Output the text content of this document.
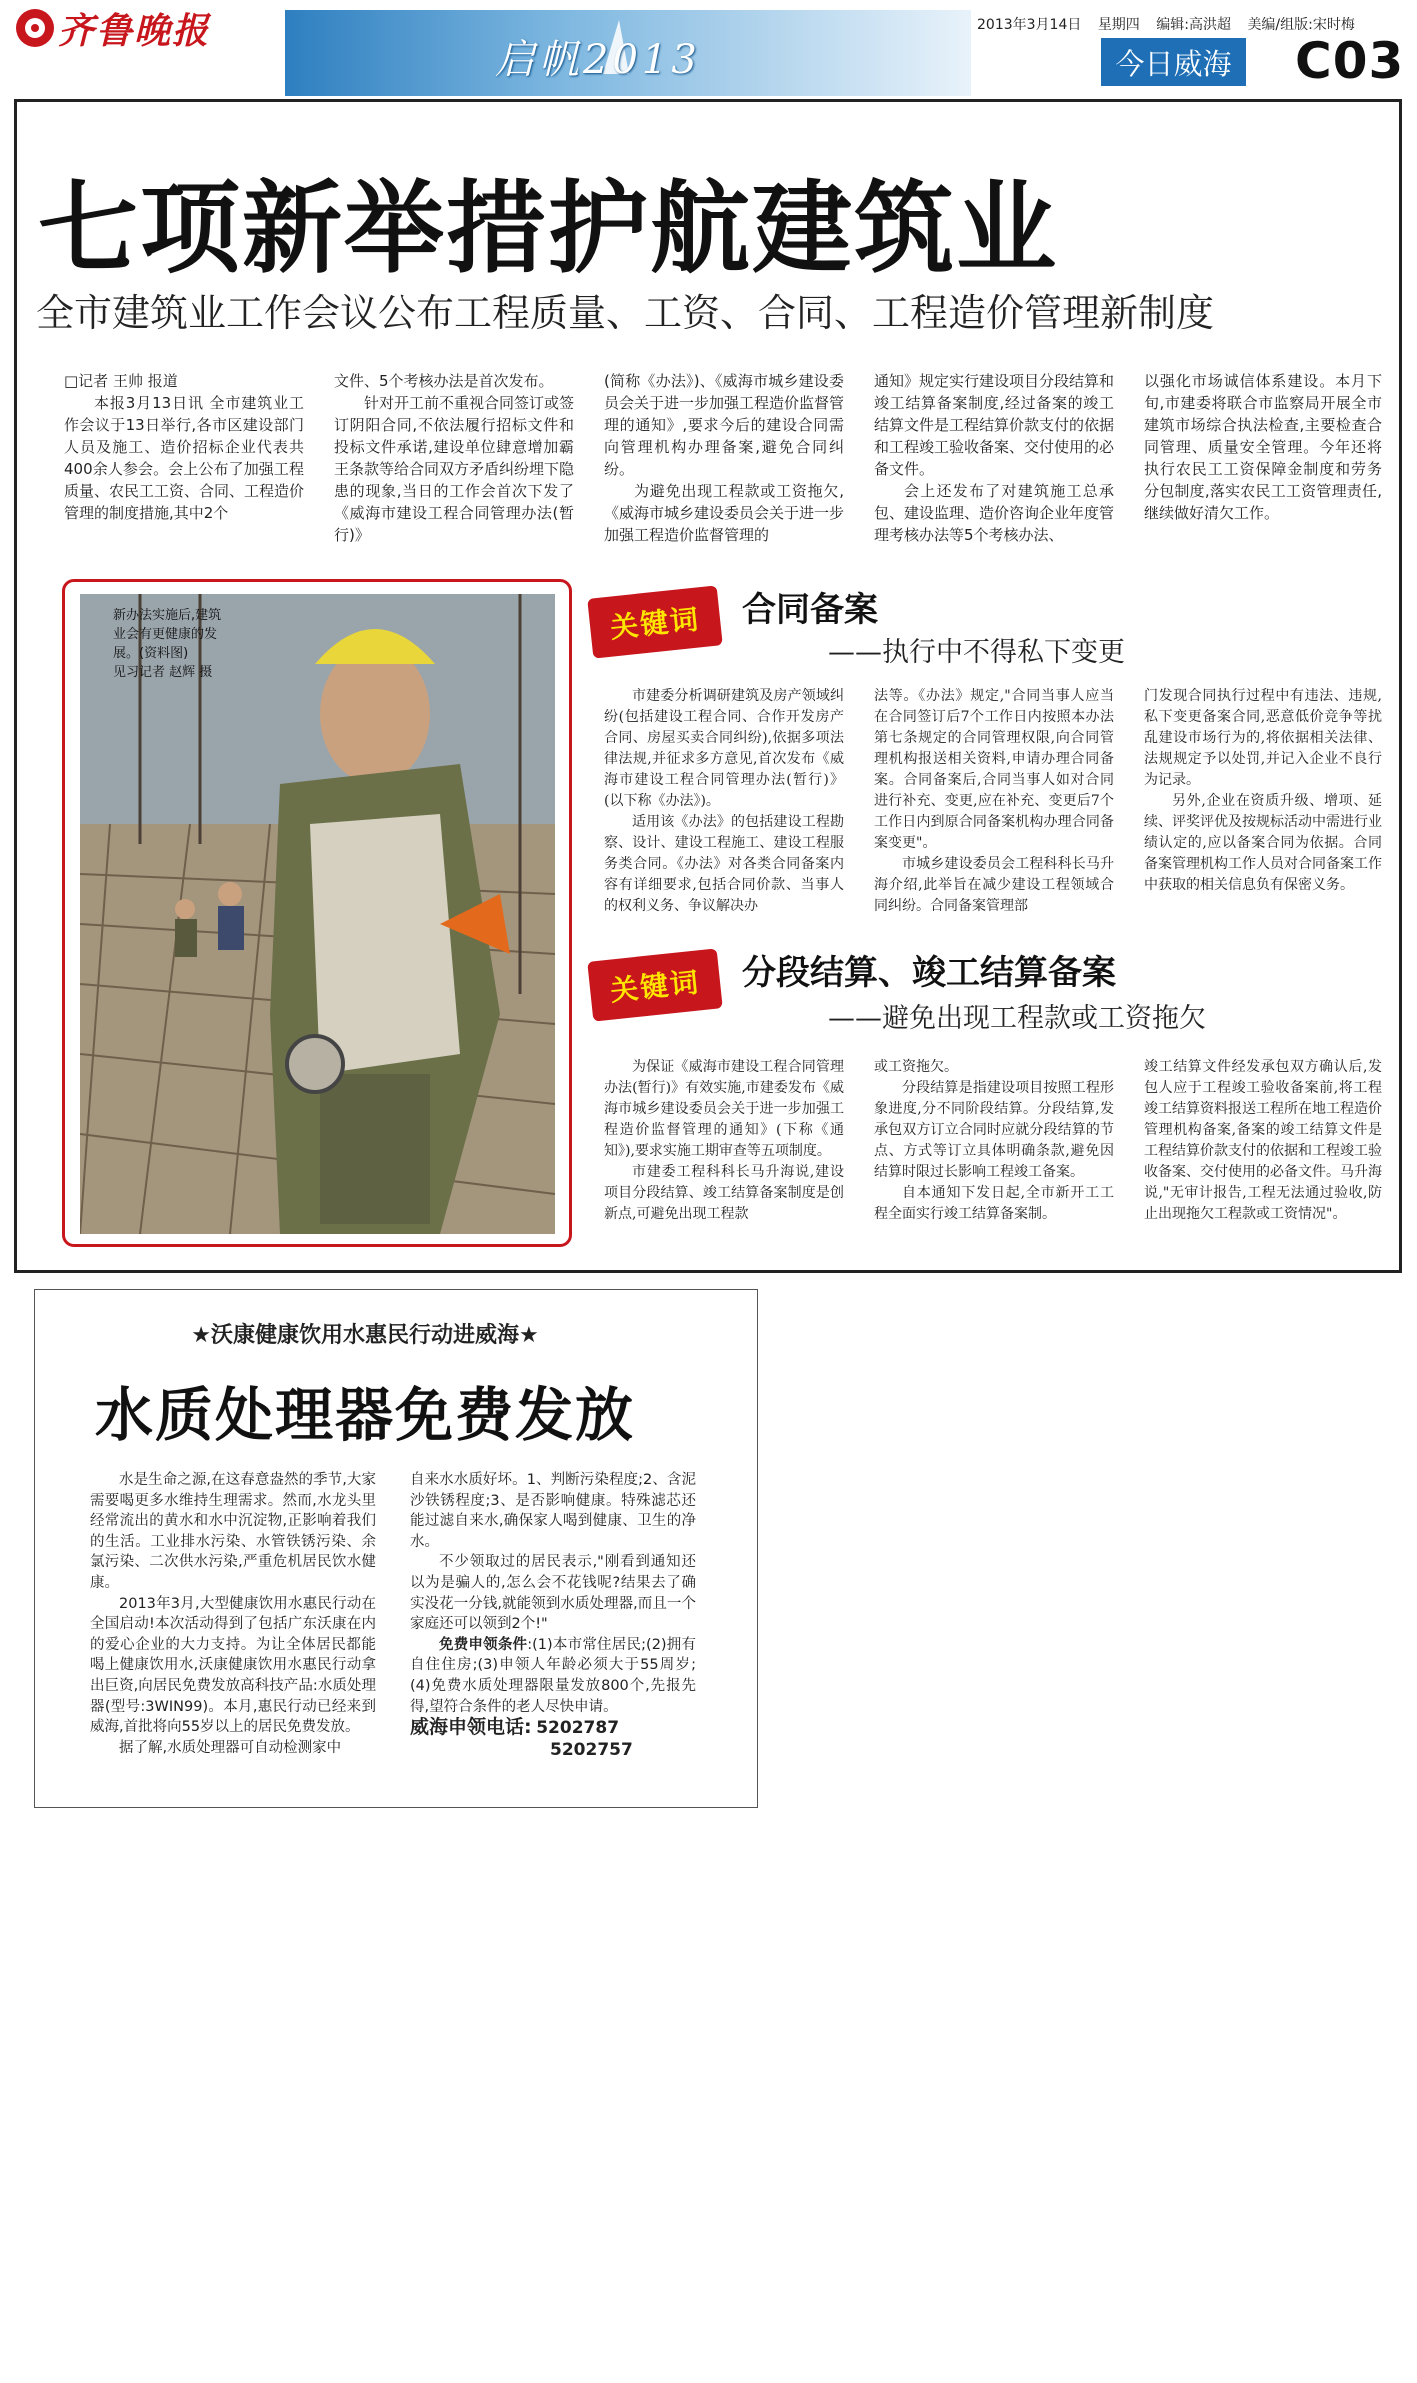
齐鲁晚报
启帆2013
2013年3月14日 星期四 编辑:高洪超 美编/组版:宋时梅
今日威海 C03
七项新举措护航建筑业
全市建筑业工作会议公布工程质量、工资、合同、工程造价管理新制度

□记者 王帅 报道

本报3月13日讯 全市建筑业工作会议于13日举行,各市区建设部门人员及施工、造价招标企业代表共400余人参会。会上公布了加强工程质量、农民工工资、合同、工程造价管理的制度措施,其中2个

文件、5个考核办法是首次发布。

针对开工前不重视合同签订或签订阴阳合同,不依法履行招标文件和投标文件承诺,建设单位肆意增加霸王条款等给合同双方矛盾纠纷埋下隐患的现象,当日的工作会首次下发了《威海市建设工程合同管理办法(暂行)》

(简称《办法》)、《威海市城乡建设委员会关于进一步加强工程造价监督管理的通知》,要求今后的建设合同需向管理机构办理备案,避免合同纠纷。

为避免出现工程款或工资拖欠,《威海市城乡建设委员会关于进一步加强工程造价监督管理的

通知》规定实行建设项目分段结算和竣工结算备案制度,经过备案的竣工结算文件是工程结算价款支付的依据和工程竣工验收备案、交付使用的必备文件。

会上还发布了对建筑施工总承包、建设监理、造价咨询企业年度管理考核办法等5个考核办法、

以强化市场诚信体系建设。本月下旬,市建委将联合市监察局开展全市建筑市场综合执法检查,主要检查合同管理、质量安全管理。今年还将执行农民工工资保障金制度和劳务分包制度,落实农民工工资管理责任,继续做好清欠工作。

新办法实施后,建筑业会有更健康的发展。(资料图)
见习记者 赵辉 摄
关键词	合同备案
——执行中不得私下变更

市建委分析调研建筑及房产领域纠纷(包括建设工程合同、合作开发房产合同、房屋买卖合同纠纷),依据多项法律法规,并征求多方意见,首次发布《威海市建设工程合同管理办法(暂行)》(以下称《办法》)。

适用该《办法》的包括建设工程勘察、设计、建设工程施工、建设工程服务类合同。《办法》对各类合同备案内容有详细要求,包括合同价款、当事人的权利义务、争议解决办

法等。《办法》规定,"合同当事人应当在合同签订后7个工作日内按照本办法第七条规定的合同管理权限,向合同管理机构报送相关资料,申请办理合同备案。合同备案后,合同当事人如对合同进行补充、变更,应在补充、变更后7个工作日内到原合同备案机构办理合同备案变更"。

市城乡建设委员会工程科科长马升海介绍,此举旨在减少建设工程领域合同纠纷。合同备案管理部

门发现合同执行过程中有违法、违规,私下变更备案合同,恶意低价竞争等扰乱建设市场行为的,将依据相关法律、法规规定予以处罚,并记入企业不良行为记录。

另外,企业在资质升级、增项、延续、评奖评优及按规标活动中需进行业绩认定的,应以备案合同为依据。合同备案管理机构工作人员对合同备案工作中获取的相关信息负有保密义务。

关键词	分段结算、竣工结算备案
——避免出现工程款或工资拖欠

为保证《威海市建设工程合同管理办法(暂行)》有效实施,市建委发布《威海市城乡建设委员会关于进一步加强工程造价监督管理的通知》(下称《通知》),要求实施工期审查等五项制度。

市建委工程科科长马升海说,建设项目分段结算、竣工结算备案制度是创新点,可避免出现工程款

或工资拖欠。

分段结算是指建设项目按照工程形象进度,分不同阶段结算。分段结算,发承包双方订立合同时应就分段结算的节点、方式等订立具体明确条款,避免因结算时限过长影响工程竣工备案。

自本通知下发日起,全市新开工工程全面实行竣工结算备案制。

竣工结算文件经发承包双方确认后,发包人应于工程竣工验收备案前,将工程竣工结算资料报送工程所在地工程造价管理机构备案,备案的竣工结算文件是工程结算价款支付的依据和工程竣工验收备案、交付使用的必备文件。马升海说,"无审计报告,工程无法通过验收,防止出现拖欠工程款或工资情况"。

★沃康健康饮用水惠民行动进威海★
水质处理器免费发放

水是生命之源,在这春意盎然的季节,大家需要喝更多水维持生理需求。然而,水龙头里经常流出的黄水和水中沉淀物,正影响着我们的生活。工业排水污染、水管铁锈污染、余氯污染、二次供水污染,严重危机居民饮水健康。

2013年3月,大型健康饮用水惠民行动在全国启动!本次活动得到了包括广东沃康在内的爱心企业的大力支持。为让全体居民都能喝上健康饮用水,沃康健康饮用水惠民行动拿出巨资,向居民免费发放高科技产品:水质处理器(型号:3WIN99)。本月,惠民行动已经来到威海,首批将向55岁以上的居民免费发放。

据了解,水质处理器可自动检测家中

自来水水质好坏。1、判断污染程度;2、含泥沙铁锈程度;3、是否影响健康。特殊滤芯还能过滤自来水,确保家人喝到健康、卫生的净水。

不少领取过的居民表示,"刚看到通知还以为是骗人的,怎么会不花钱呢?结果去了确实没花一分钱,就能领到水质处理器,而且一个家庭还可以领到2个!"

免费申领条件:(1)本市常住居民;(2)拥有自住住房;(3)申领人年龄必须大于55周岁;(4)免费水质处理器限量发放800个,先报先得,望符合条件的老人尽快申请。

威海申领电话: 5202787

5202757
